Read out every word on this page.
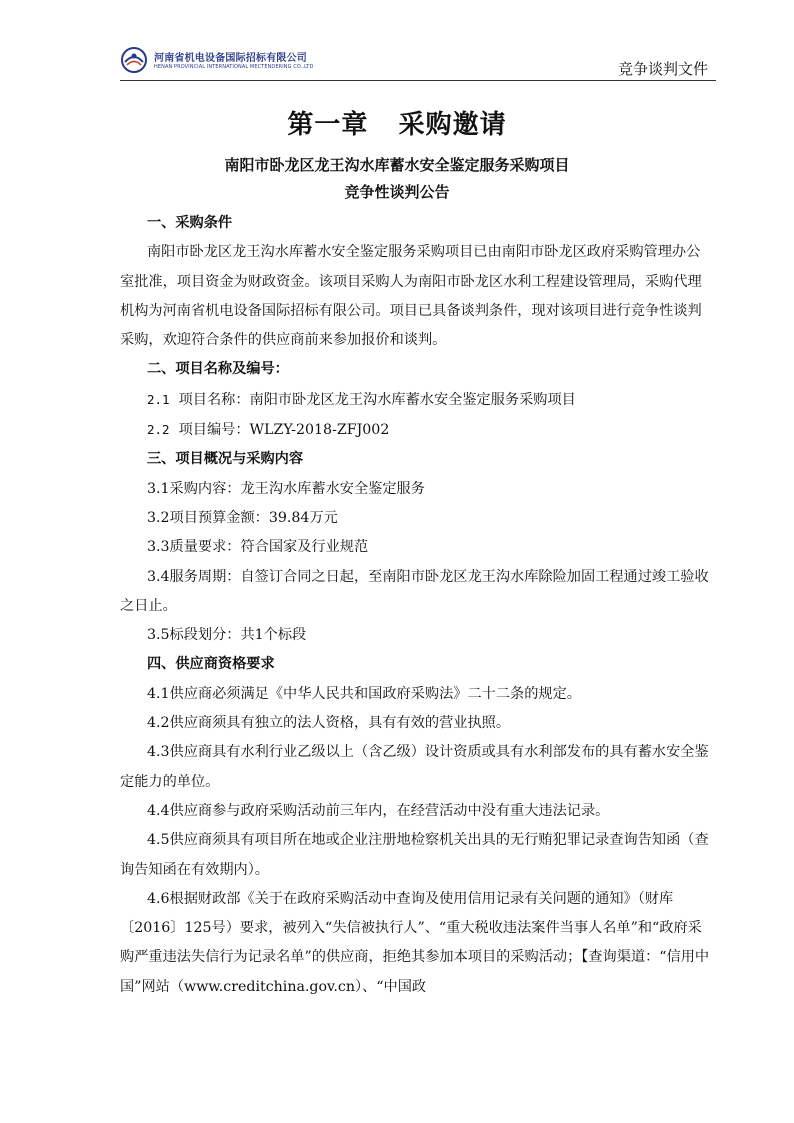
河南省机电设备国际招标有限公司
HENAN PROVINCIAL INTERNATIONAL MECTENDERING CO.,LTD	竞争谈判文件
第一章   采购邀请
南阳市卧龙区龙王沟水库蓄水安全鉴定服务采购项目
竞争性谈判公告

一、采购条件

南阳市卧龙区龙王沟水库蓄水安全鉴定服务采购项目已由南阳市卧龙区政府采购管理办公室批准，项目资金为财政资金。该项目采购人为南阳市卧龙区水利工程建设管理局，采购代理机构为河南省机电设备国际招标有限公司。项目已具备谈判条件，现对该项目进行竞争性谈判采购，欢迎符合条件的供应商前来参加报价和谈判。

二、项目名称及编号：

2.1 项目名称：南阳市卧龙区龙王沟水库蓄水安全鉴定服务采购项目

2.2 项目编号：WLZY-2018-ZFJ002

三、项目概况与采购内容

3.1采购内容：龙王沟水库蓄水安全鉴定服务

3.2项目预算金额：39.84万元

3.3质量要求：符合国家及行业规范

3.4服务周期：自签订合同之日起，至南阳市卧龙区龙王沟水库除险加固工程通过竣工验收之日止。

3.5标段划分：共1个标段

四、供应商资格要求

4.1供应商必须满足《中华人民共和国政府采购法》二十二条的规定。

4.2供应商须具有独立的法人资格，具有有效的营业执照。

4.3供应商具有水利行业乙级以上（含乙级）设计资质或具有水利部发布的具有蓄水安全鉴定能力的单位。

4.4供应商参与政府采购活动前三年内，在经营活动中没有重大违法记录。

4.5供应商须具有项目所在地或企业注册地检察机关出具的无行贿犯罪记录查询告知函（查询告知函在有效期内）。

4.6根据财政部《关于在政府采购活动中查询及使用信用记录有关问题的通知》（财库〔2016〕125号）要求，被列入“失信被执行人”、“重大税收违法案件当事人名单”和“政府采购严重违法失信行为记录名单”的供应商，拒绝其参加本项目的采购活动；【查询渠道：“信用中国”网站（www.creditchina.gov.cn）、“中国政
